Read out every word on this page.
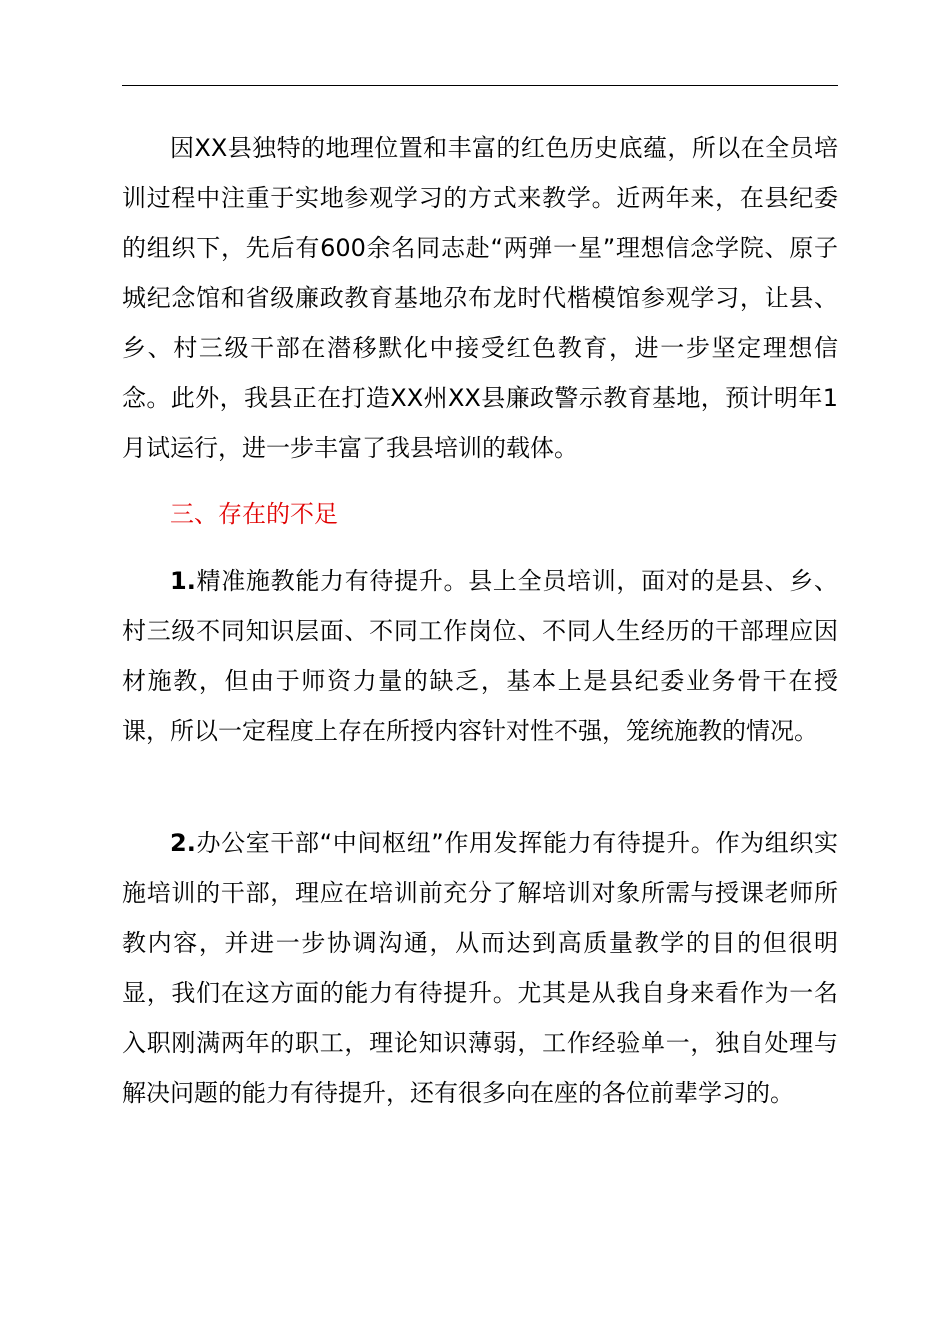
因XX县独特的地理位置和丰富的红色历史底蕴，所以在全员培训过程中注重于实地参观学习的方式来教学。近两年来，在县纪委的组织下，先后有600余名同志赴“两弹一星”理想信念学院、原子城纪念馆和省级廉政教育基地尕布龙时代楷模馆参观学习，让县、乡、村三级干部在潜移默化中接受红色教育，进一步坚定理想信念。此外，我县正在打造XX州XX县廉政警示教育基地，预计明年1月试运行，进一步丰富了我县培训的载体。

三、存在的不足

1.精准施教能力有待提升。县上全员培训，面对的是县、乡、村三级不同知识层面、不同工作岗位、不同人生经历的干部理应因材施教，但由于师资力量的缺乏，基本上是县纪委业务骨干在授课，所以一定程度上存在所授内容针对性不强，笼统施教的情况。

2.办公室干部“中间枢纽”作用发挥能力有待提升。作为组织实施培训的干部，理应在培训前充分了解培训对象所需与授课老师所教内容，并进一步协调沟通，从而达到高质量教学的目的但很明显，我们在这方面的能力有待提升。尤其是从我自身来看作为一名入职刚满两年的职工，理论知识薄弱，工作经验单一，独自处理与解决问题的能力有待提升，还有很多向在座的各位前辈学习的。
